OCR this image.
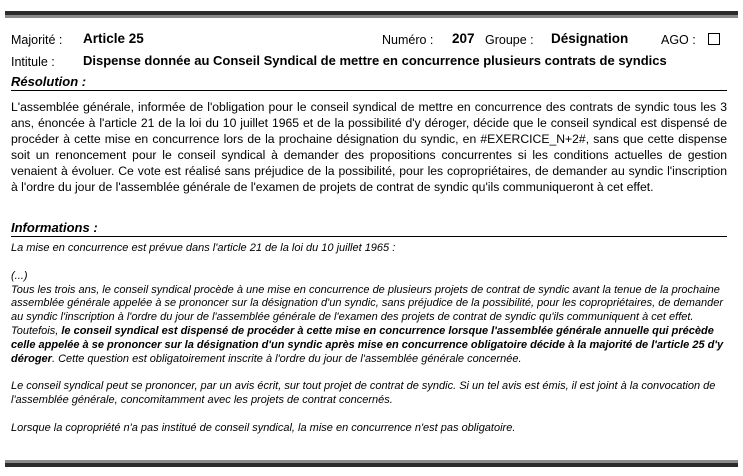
Majorité : Article 25	Numéro : 207 Groupe : Désignation	AGO :
Intitule : Dispense donnée au Conseil Syndical de mettre en concurrence plusieurs contrats de syndics
Résolution :
L'assemblée générale, informée de l'obligation pour le conseil syndical de mettre en concurrence des contrats de syndic tous les 3 ans, énoncée à l'article 21 de la loi du 10 juillet 1965 et de la possibilité d'y déroger, décide que le conseil syndical est dispensé de procéder à cette mise en concurrence lors de la prochaine désignation du syndic, en #EXERCICE_N+2#, sans que cette dispense soit un renoncement pour le conseil syndical à demander des propositions concurrentes si les conditions actuelles de gestion venaient à évoluer. Ce vote est réalisé sans préjudice de la possibilité, pour les copropriétaires, de demander au syndic l'inscription à l'ordre du jour de l'assemblée générale de l'examen de projets de contrat de syndic qu'ils communiqueront à cet effet.
Informations :

La mise en concurrence est prévue dans l'article 21 de la loi du 10 juillet 1965 :

(...)

Tous les trois ans, le conseil syndical procède à une mise en concurrence de plusieurs projets de contrat de syndic avant la tenue de la prochaine assemblée générale appelée à se prononcer sur la désignation d'un syndic, sans préjudice de la possibilité, pour les copropriétaires, de demander au syndic l'inscription à l'ordre du jour de l'assemblée générale de l'examen des projets de contrat de syndic qu'ils communiquent à cet effet. Toutefois, le conseil syndical est dispensé de procéder à cette mise en concurrence lorsque l'assemblée générale annuelle qui précède celle appelée à se prononcer sur la désignation d'un syndic après mise en concurrence obligatoire décide à la majorité de l'article 25 d'y déroger. Cette question est obligatoirement inscrite à l'ordre du jour de l'assemblée générale concernée.

Le conseil syndical peut se prononcer, par un avis écrit, sur tout projet de contrat de syndic. Si un tel avis est émis, il est joint à la convocation de l'assemblée générale, concomitamment avec les projets de contrat concernés.

Lorsque la copropriété n'a pas institué de conseil syndical, la mise en concurrence n'est pas obligatoire.
